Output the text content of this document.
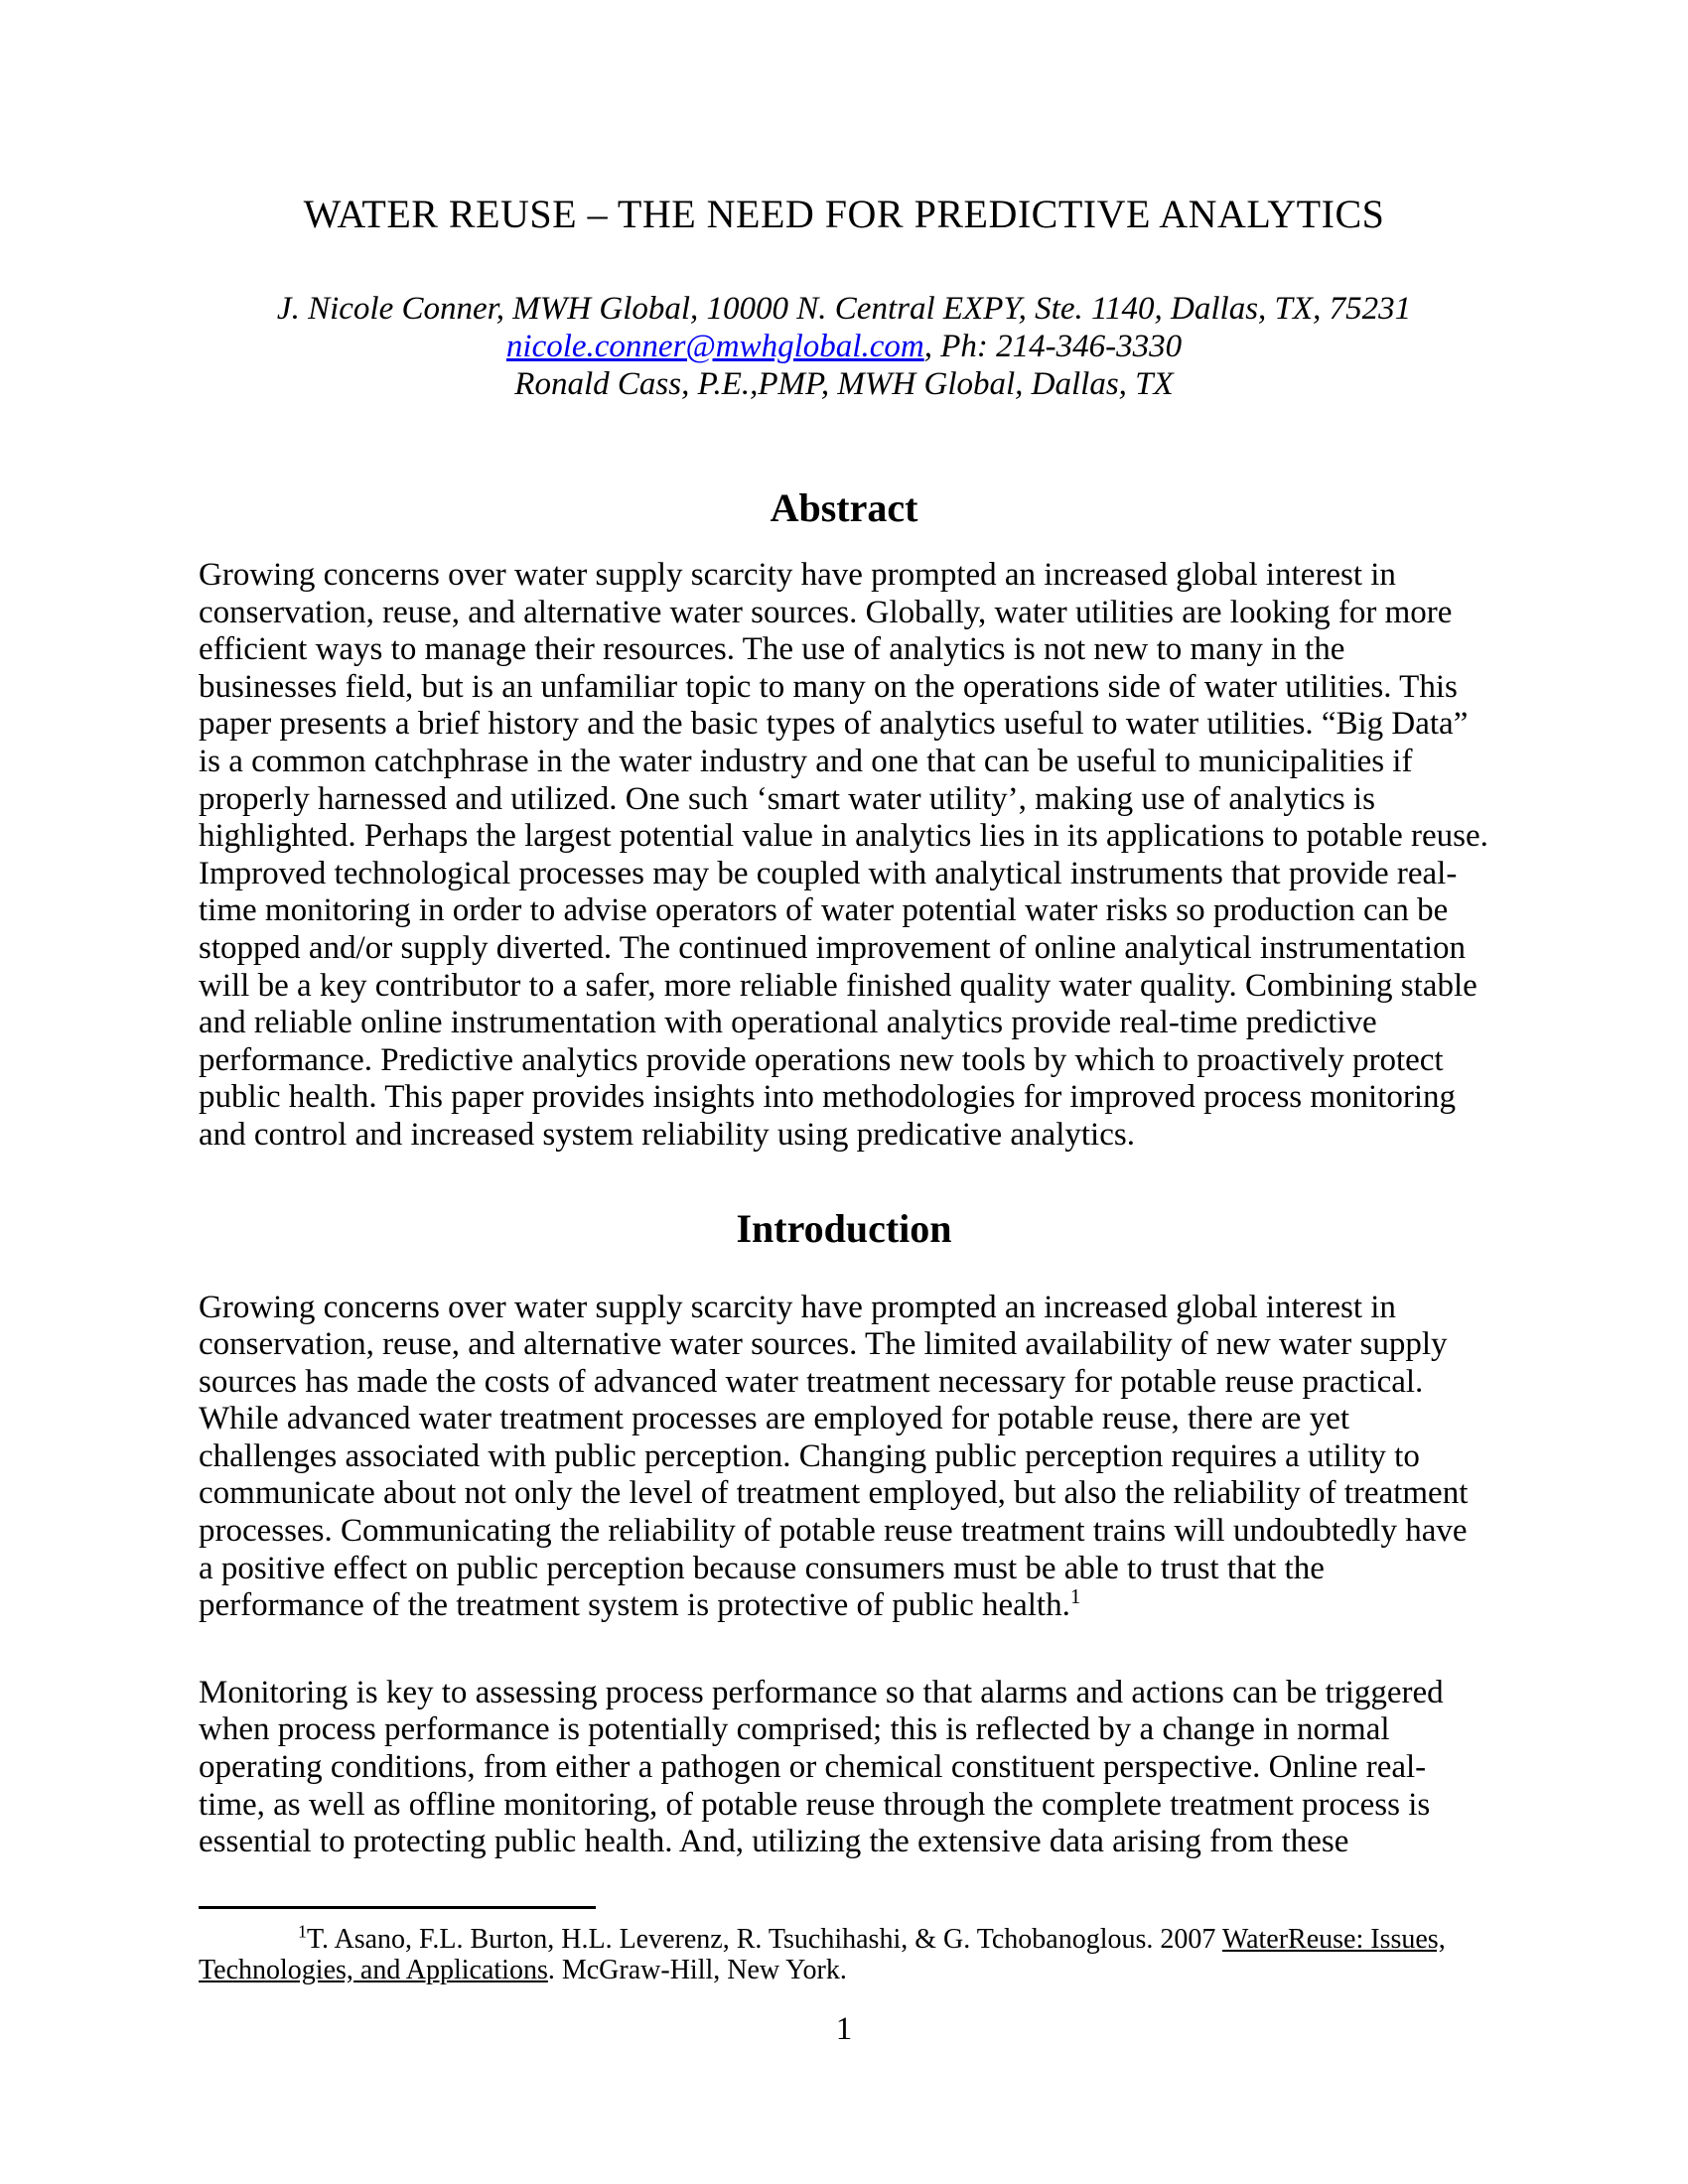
WATER REUSE – THE NEED FOR PREDICTIVE ANALYTICS
J. Nicole Conner, MWH Global, 10000 N. Central EXPY, Ste. 1140, Dallas, TX, 75231
nicole.conner@mwhglobal.com, Ph: 214-346-3330
Ronald Cass, P.E.,PMP, MWH Global, Dallas, TX
Abstract
Growing concerns over water supply scarcity have prompted an increased global interest in conservation, reuse, and alternative water sources. Globally, water utilities are looking for more efficient ways to manage their resources. The use of analytics is not new to many in the businesses field, but is an unfamiliar topic to many on the operations side of water utilities. This paper presents a brief history and the basic types of analytics useful to water utilities. “Big Data” is a common catchphrase in the water industry and one that can be useful to municipalities if properly harnessed and utilized. One such ‘smart water utility’, making use of analytics is highlighted. Perhaps the largest potential value in analytics lies in its applications to potable reuse. Improved technological processes may be coupled with analytical instruments that provide real-time monitoring in order to advise operators of water potential water risks so production can be stopped and/or supply diverted. The continued improvement of online analytical instrumentation will be a key contributor to a safer, more reliable finished quality water quality. Combining stable and reliable online instrumentation with operational analytics provide real-time predictive performance. Predictive analytics provide operations new tools by which to proactively protect public health. This paper provides insights into methodologies for improved process monitoring and control and increased system reliability using predicative analytics.
Introduction
Growing concerns over water supply scarcity have prompted an increased global interest in conservation, reuse, and alternative water sources. The limited availability of new water supply sources has made the costs of advanced water treatment necessary for potable reuse practical. While advanced water treatment processes are employed for potable reuse, there are yet challenges associated with public perception. Changing public perception requires a utility to communicate about not only the level of treatment employed, but also the reliability of treatment processes. Communicating the reliability of potable reuse treatment trains will undoubtedly have a positive effect on public perception because consumers must be able to trust that the performance of the treatment system is protective of public health.$^1$
Monitoring is key to assessing process performance so that alarms and actions can be triggered when process performance is potentially comprised; this is reflected by a change in normal operating conditions, from either a pathogen or chemical constituent perspective. Online real-time, as well as offline monitoring, of potable reuse through the complete treatment process is essential to protecting public health. And, utilizing the extensive data arising from these
$^1$T. Asano, F.L. Burton, H.L. Leverenz, R. Tsuchihashi, & G. Tchobanoglous. 2007 WaterReuse: Issues, Technologies, and Applications. McGraw-Hill, New York.
1
